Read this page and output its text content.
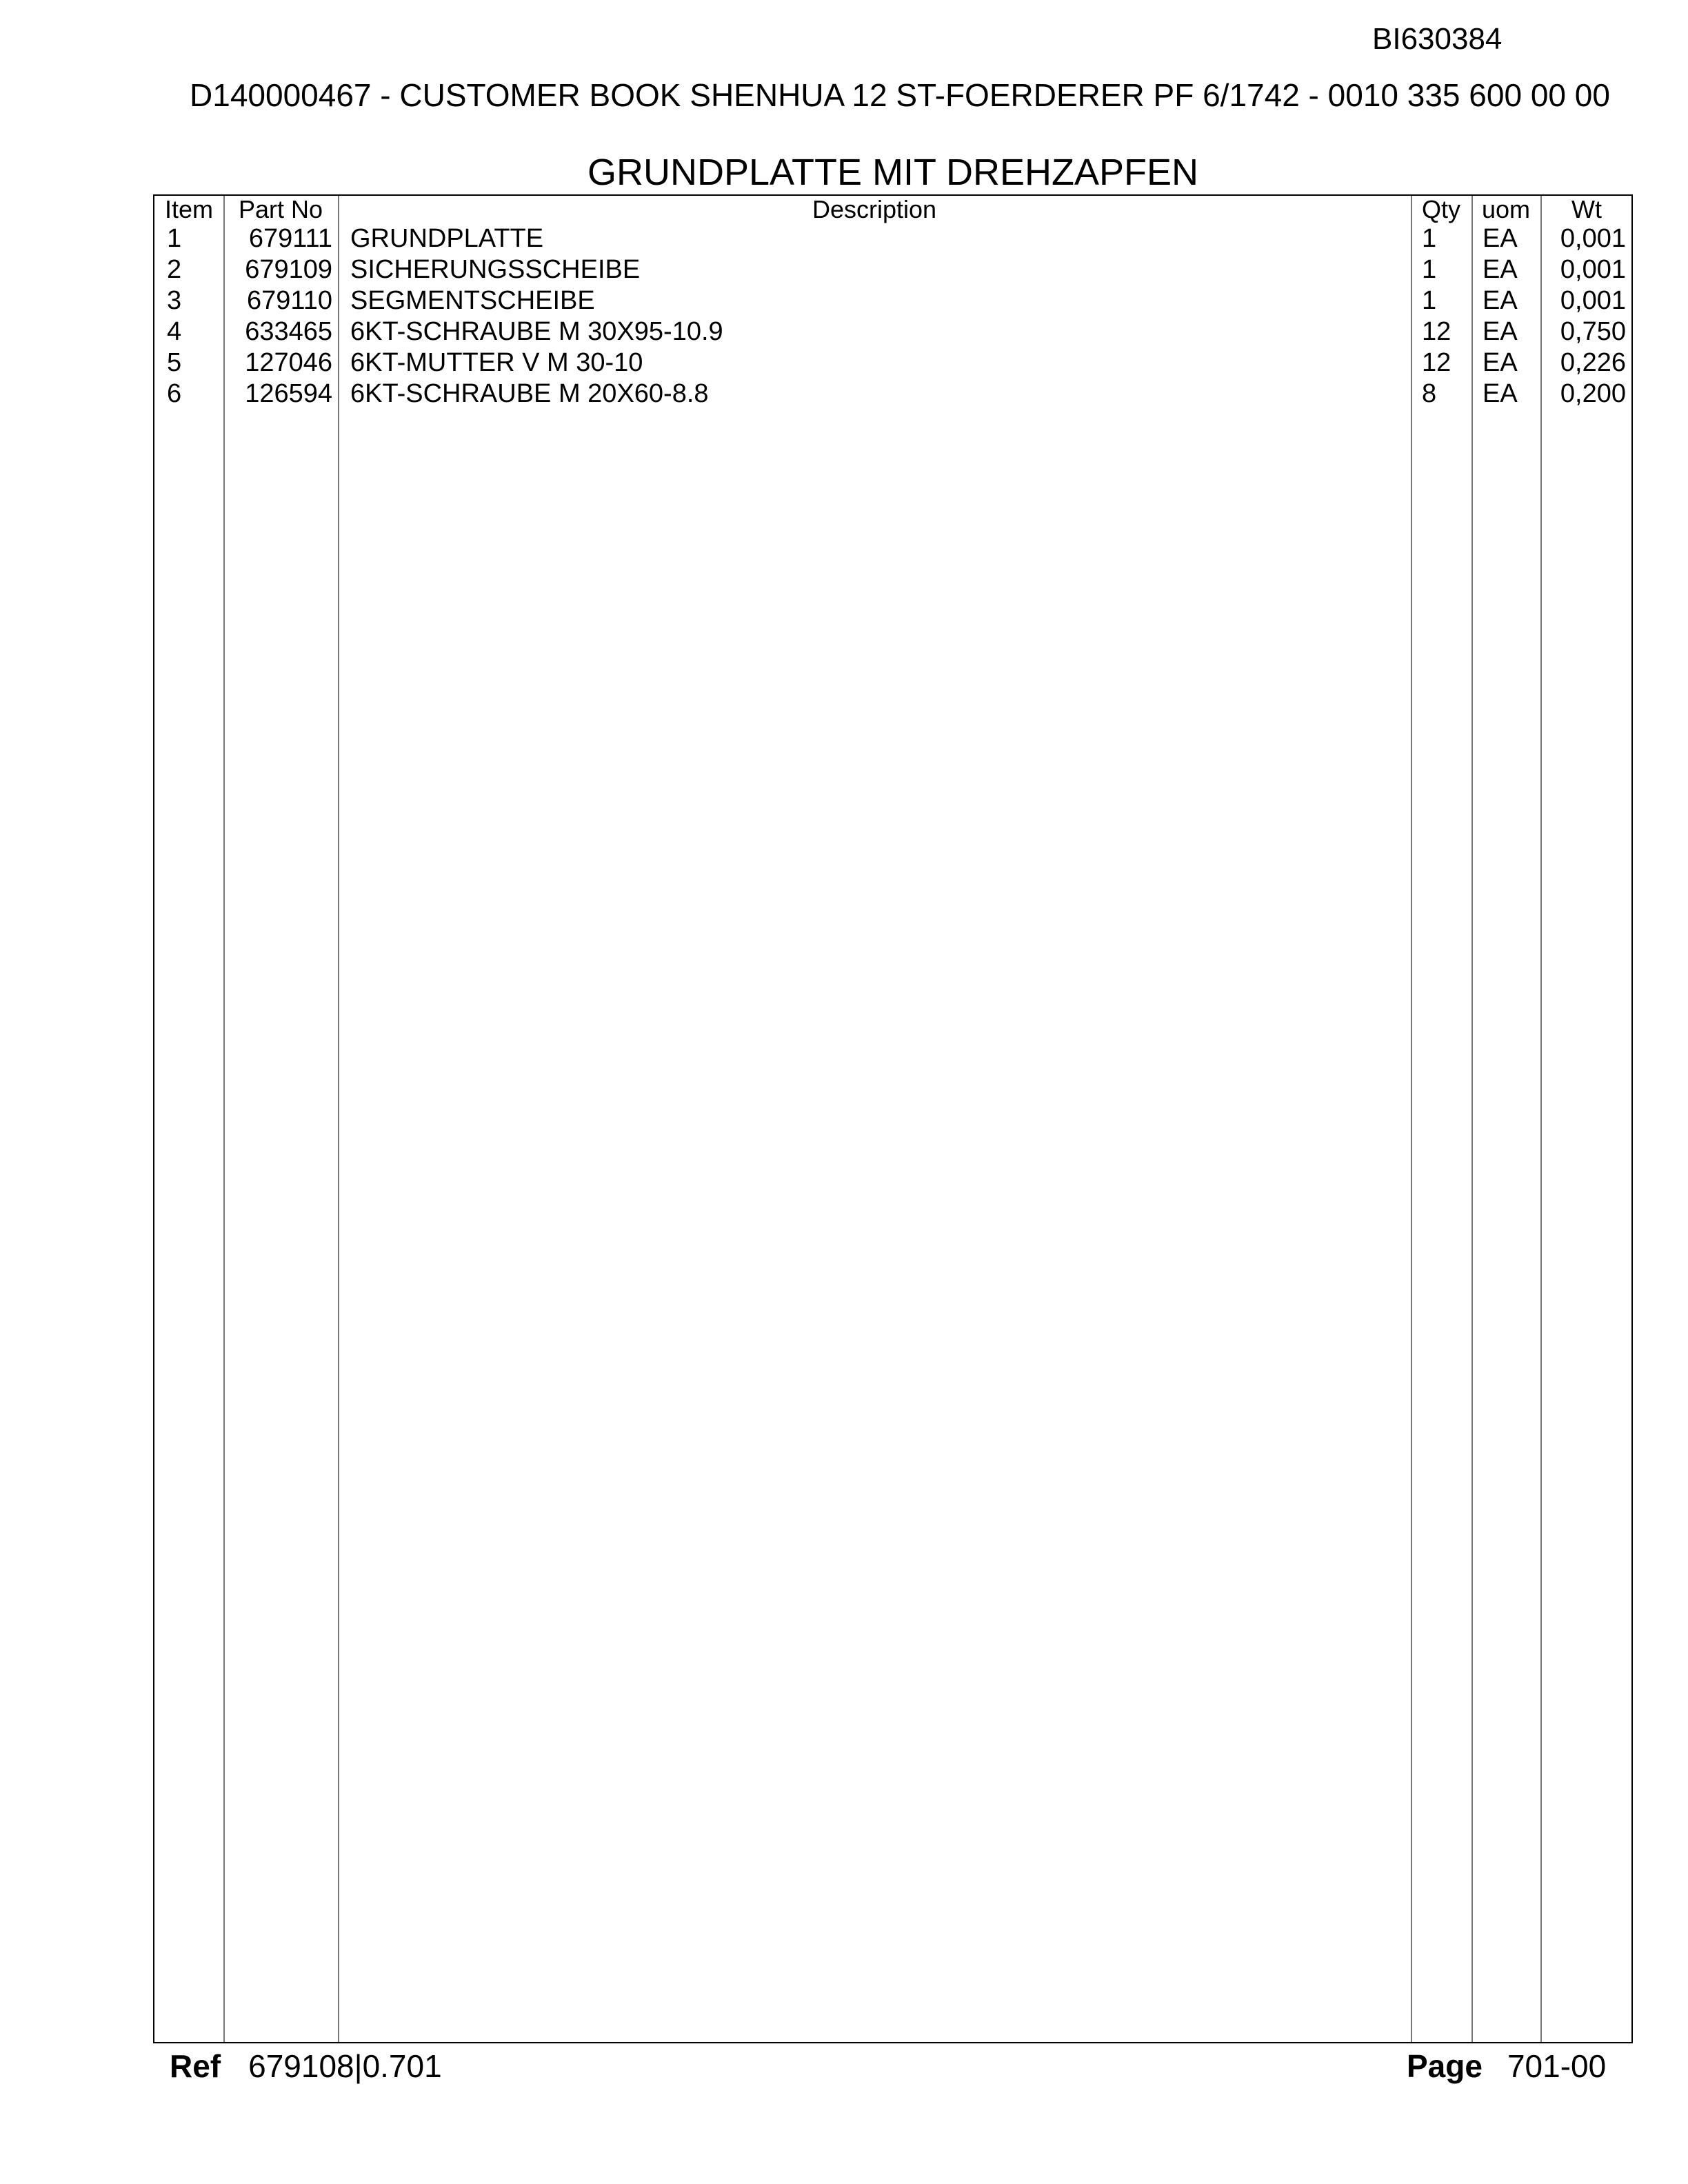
BI630384
D140000467 - CUSTOMER BOOK SHENHUA 12 ST-FOERDERER PF 6/1742 - 0010 335 600 00 00
GRUNDPLATTE MIT DREHZAPFEN
Item	Part No	Description	Qty uom	Wt
1	679111 GRUNDPLATTE	1	EA	0,001
2	679109 SICHERUNGSSCHEIBE	1	EA	0,001
3	679110 SEGMENTSCHEIBE	1	EA	0,001
4	633465 6KT-SCHRAUBE M 30X95-10.9	12	EA	0,750
5	127046 6KT-MUTTER V M 30-10	12	EA	0,226
6	126594 6KT-SCHRAUBE M 20X60-8.8	8	EA	0,200
Ref 679108|0.701	Page 701-00
